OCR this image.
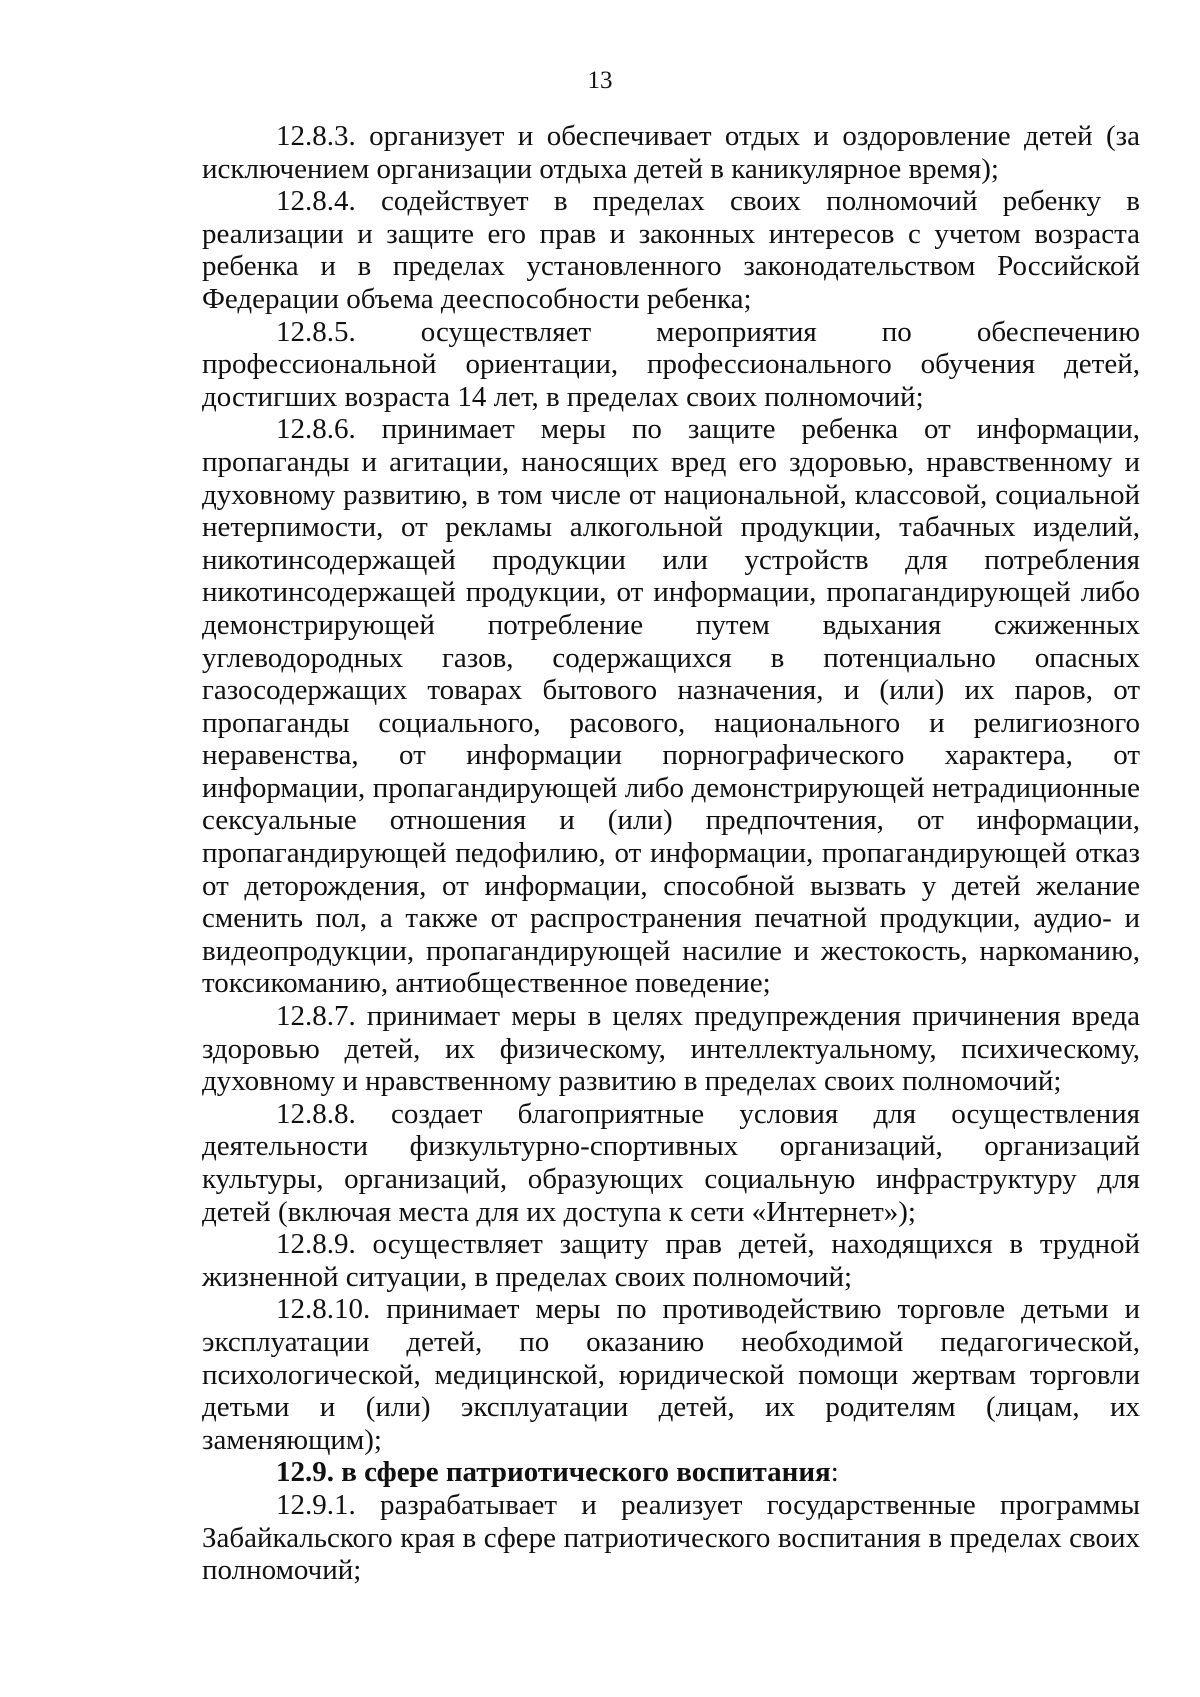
13

12.8.3. организует и обеспечивает отдых и оздоровление детей (за исключением организации отдыха детей в каникулярное время);

12.8.4. содействует в пределах своих полномочий ребенку в реализации и защите его прав и законных интересов с учетом возраста ребенка и в пределах установленного законодательством Российской Федерации объема дееспособности ребенка;

12.8.5. осуществляет мероприятия по обеспечению профессиональной ориентации, профессионального обучения детей, достигших возраста 14 лет, в пределах своих полномочий;

12.8.6. принимает меры по защите ребенка от информации, пропаганды и агитации, наносящих вред его здоровью, нравственному и духовному развитию, в том числе от национальной, классовой, социальной нетерпимости, от рекламы алкогольной продукции, табачных изделий, никотинсодержащей продукции или устройств для потребления никотинсодержащей продукции, от информации, пропагандирующей либо демонстрирующей потребление путем вдыхания сжиженных углеводородных газов, содержащихся в потенциально опасных газосодержащих товарах бытового назначения, и (или) их паров, от пропаганды социального, расового, национального и религиозного неравенства, от информации порнографического характера, от информации, пропагандирующей либо демонстрирующей нетрадиционные сексуальные отношения и (или) предпочтения, от информации, пропагандирующей педофилию, от информации, пропагандирующей отказ от деторождения, от информации, способной вызвать у детей желание сменить пол, а также от распространения печатной продукции, аудио- и видеопродукции, пропагандирующей насилие и жестокость, наркоманию, токсикоманию, антиобщественное поведение;

12.8.7. принимает меры в целях предупреждения причинения вреда здоровью детей, их физическому, интеллектуальному, психическому, духовному и нравственному развитию в пределах своих полномочий;

12.8.8. создает благоприятные условия для осуществления деятельности физкультурно-спортивных организаций, организаций культуры, организаций, образующих социальную инфраструктуру для детей (включая места для их доступа к сети «Интернет»);

12.8.9. осуществляет защиту прав детей, находящихся в трудной жизненной ситуации, в пределах своих полномочий;

12.8.10. принимает меры по противодействию торговле детьми и эксплуатации детей, по оказанию необходимой педагогической, психологической, медицинской, юридической помощи жертвам торговли детьми и (или) эксплуатации детей, их родителям (лицам, их заменяющим);

12.9. в сфере патриотического воспитания:

12.9.1. разрабатывает и реализует государственные программы Забайкальского края в сфере патриотического воспитания в пределах своих полномочий;
